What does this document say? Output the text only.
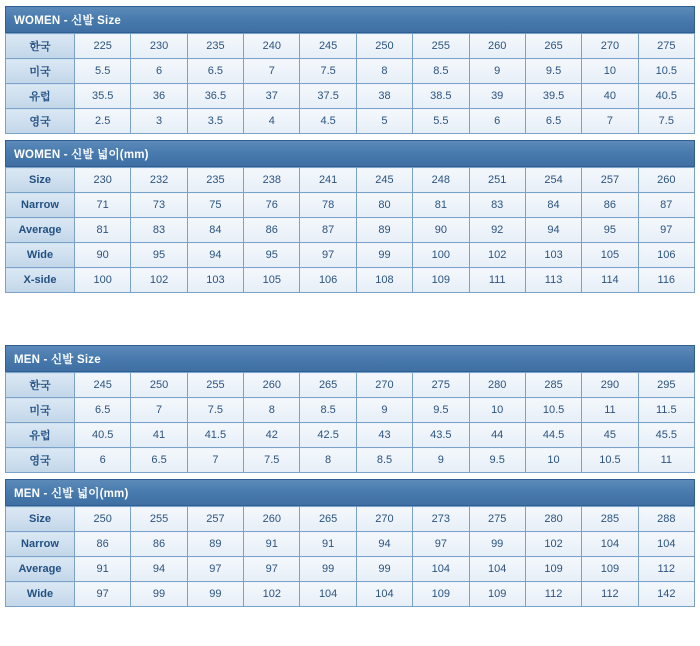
WOMEN - 신발 Size
한국	225	230	235	240	245	250	255	260	265	270	275
미국	5.5	6	6.5	7	7.5	8	8.5	9	9.5	10	10.5
유럽	35.5	36	36.5	37	37.5	38	38.5	39	39.5	40	40.5
영국	2.5	3	3.5	4	4.5	5	5.5	6	6.5	7	7.5
WOMEN - 신발 넓이(mm)
Size	230	232	235	238	241	245	248	251	254	257	260
Narrow	71	73	75	76	78	80	81	83	84	86	87
Average	81	83	84	86	87	89	90	92	94	95	97
Wide	90	95	94	95	97	99	100	102	103	105	106
X-side	100	102	103	105	106	108	109	111	113	114	116
MEN - 신발 Size
한국	245	250	255	260	265	270	275	280	285	290	295
미국	6.5	7	7.5	8	8.5	9	9.5	10	10.5	11	11.5
유럽	40.5	41	41.5	42	42.5	43	43.5	44	44.5	45	45.5
영국	6	6.5	7	7.5	8	8.5	9	9.5	10	10.5	11
MEN - 신발 넓이(mm)
Size	250	255	257	260	265	270	273	275	280	285	288
Narrow	86	86	89	91	91	94	97	99	102	104	104
Average	91	94	97	97	99	99	104	104	109	109	112
Wide	97	99	99	102	104	104	109	109	112	112	142
